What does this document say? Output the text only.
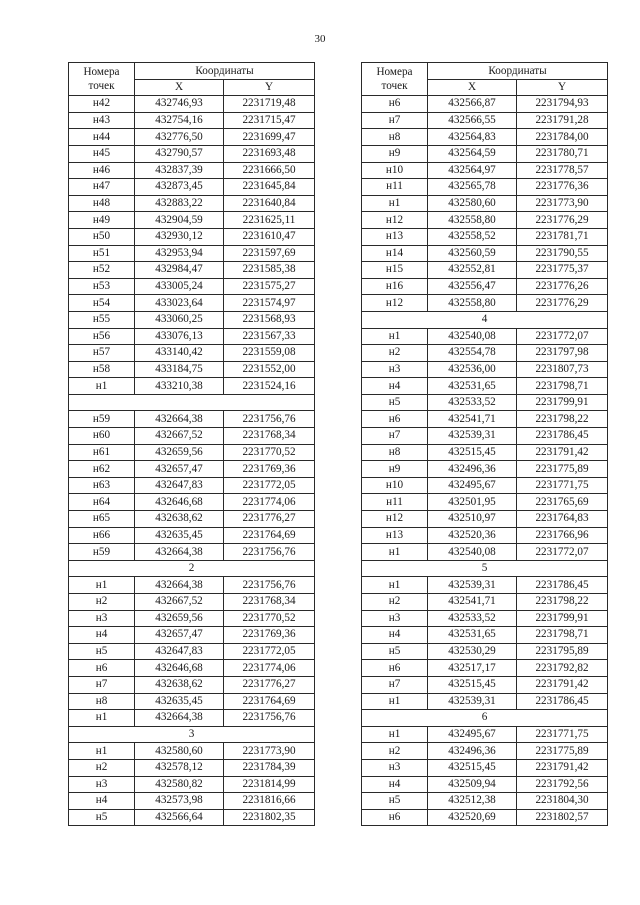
30
Номера
точек	Координаты	
	X	Y
н42	432746,93	2231719,48
н43	432754,16	2231715,47
н44	432776,50	2231699,47
н45	432790,57	2231693,48
н46	432837,39	2231666,50
н47	432873,45	2231645,84
н48	432883,22	2231640,84
н49	432904,59	2231625,11
н50	432930,12	2231610,47
н51	432953,94	2231597,69
н52	432984,47	2231585,38
н53	433005,24	2231575,27
н54	433023,64	2231574,97
н55	433060,25	2231568,93
н56	433076,13	2231567,33
н57	433140,42	2231559,08
н58	433184,75	2231552,00
н1	433210,38	2231524,16

н59	432664,38	2231756,76
н60	432667,52	2231768,34
н61	432659,56	2231770,52
н62	432657,47	2231769,36
н63	432647,83	2231772,05
н64	432646,68	2231774,06
н65	432638,62	2231776,27
н66	432635,45	2231764,69
н59	432664,38	2231756,76
2		
н1	432664,38	2231756,76
н2	432667,52	2231768,34
н3	432659,56	2231770,52
н4	432657,47	2231769,36
н5	432647,83	2231772,05
н6	432646,68	2231774,06
н7	432638,62	2231776,27
н8	432635,45	2231764,69
н1	432664,38	2231756,76
3		
н1	432580,60	2231773,90
н2	432578,12	2231784,39
н3	432580,82	2231814,99
н4	432573,98	2231816,66
н5	432566,64	2231802,35
Номера
точек	Координаты	
	X	Y
н6	432566,87	2231794,93
н7	432566,55	2231791,28
н8	432564,83	2231784,00
н9	432564,59	2231780,71
н10	432564,97	2231778,57
н11	432565,78	2231776,36
н1	432580,60	2231773,90
н12	432558,80	2231776,29
н13	432558,52	2231781,71
н14	432560,59	2231790,55
н15	432552,81	2231775,37
н16	432556,47	2231776,26
н12	432558,80	2231776,29
4		
н1	432540,08	2231772,07
н2	432554,78	2231797,98
н3	432536,00	2231807,73
н4	432531,65	2231798,71
н5	432533,52	2231799,91
н6	432541,71	2231798,22
н7	432539,31	2231786,45
н8	432515,45	2231791,42
н9	432496,36	2231775,89
н10	432495,67	2231771,75
н11	432501,95	2231765,69
н12	432510,97	2231764,83
н13	432520,36	2231766,96
н1	432540,08	2231772,07
5		
н1	432539,31	2231786,45
н2	432541,71	2231798,22
н3	432533,52	2231799,91
н4	432531,65	2231798,71
н5	432530,29	2231795,89
н6	432517,17	2231792,82
н7	432515,45	2231791,42
н1	432539,31	2231786,45
6		
н1	432495,67	2231771,75
н2	432496,36	2231775,89
н3	432515,45	2231791,42
н4	432509,94	2231792,56
н5	432512,38	2231804,30
н6	432520,69	2231802,57
